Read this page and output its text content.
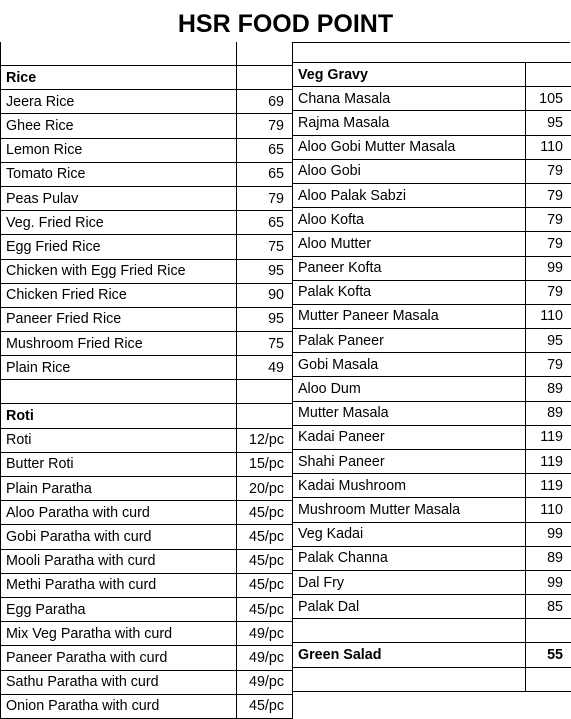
HSR FOOD POINT

Rice	
Jeera Rice	69
Ghee Rice	79
Lemon Rice	65
Tomato Rice	65
Peas Pulav	79
Veg. Fried Rice	65
Egg Fried Rice	75
Chicken with Egg Fried Rice	95
Chicken Fried Rice	90
Paneer Fried Rice	95
Mushroom Fried Rice	75
Plain Rice	49

Roti	
Roti	12/pc
Butter Roti	15/pc
Plain Paratha	20/pc
Aloo Paratha with curd	45/pc
Gobi Paratha with curd	45/pc
Mooli Paratha with curd	45/pc
Methi Paratha with curd	45/pc
Egg Paratha	45/pc
Mix Veg Paratha with curd	49/pc
Paneer Paratha with curd	49/pc
Sathu Paratha with curd	49/pc
Onion Paratha with curd	45/pc
Veg Gravy	
Chana Masala	105
Rajma Masala	95
Aloo Gobi Mutter Masala	110
Aloo Gobi	79
Aloo Palak Sabzi	79
Aloo Kofta	79
Aloo Mutter	79
Paneer Kofta	99
Palak Kofta	79
Mutter Paneer Masala	110
Palak Paneer	95
Gobi Masala	79
Aloo Dum	89
Mutter Masala	89
Kadai Paneer	119
Shahi Paneer	119
Kadai Mushroom	119
Mushroom Mutter Masala	110
Veg Kadai	99
Palak Channa	89
Dal Fry	99
Palak Dal	85

Green Salad	55
